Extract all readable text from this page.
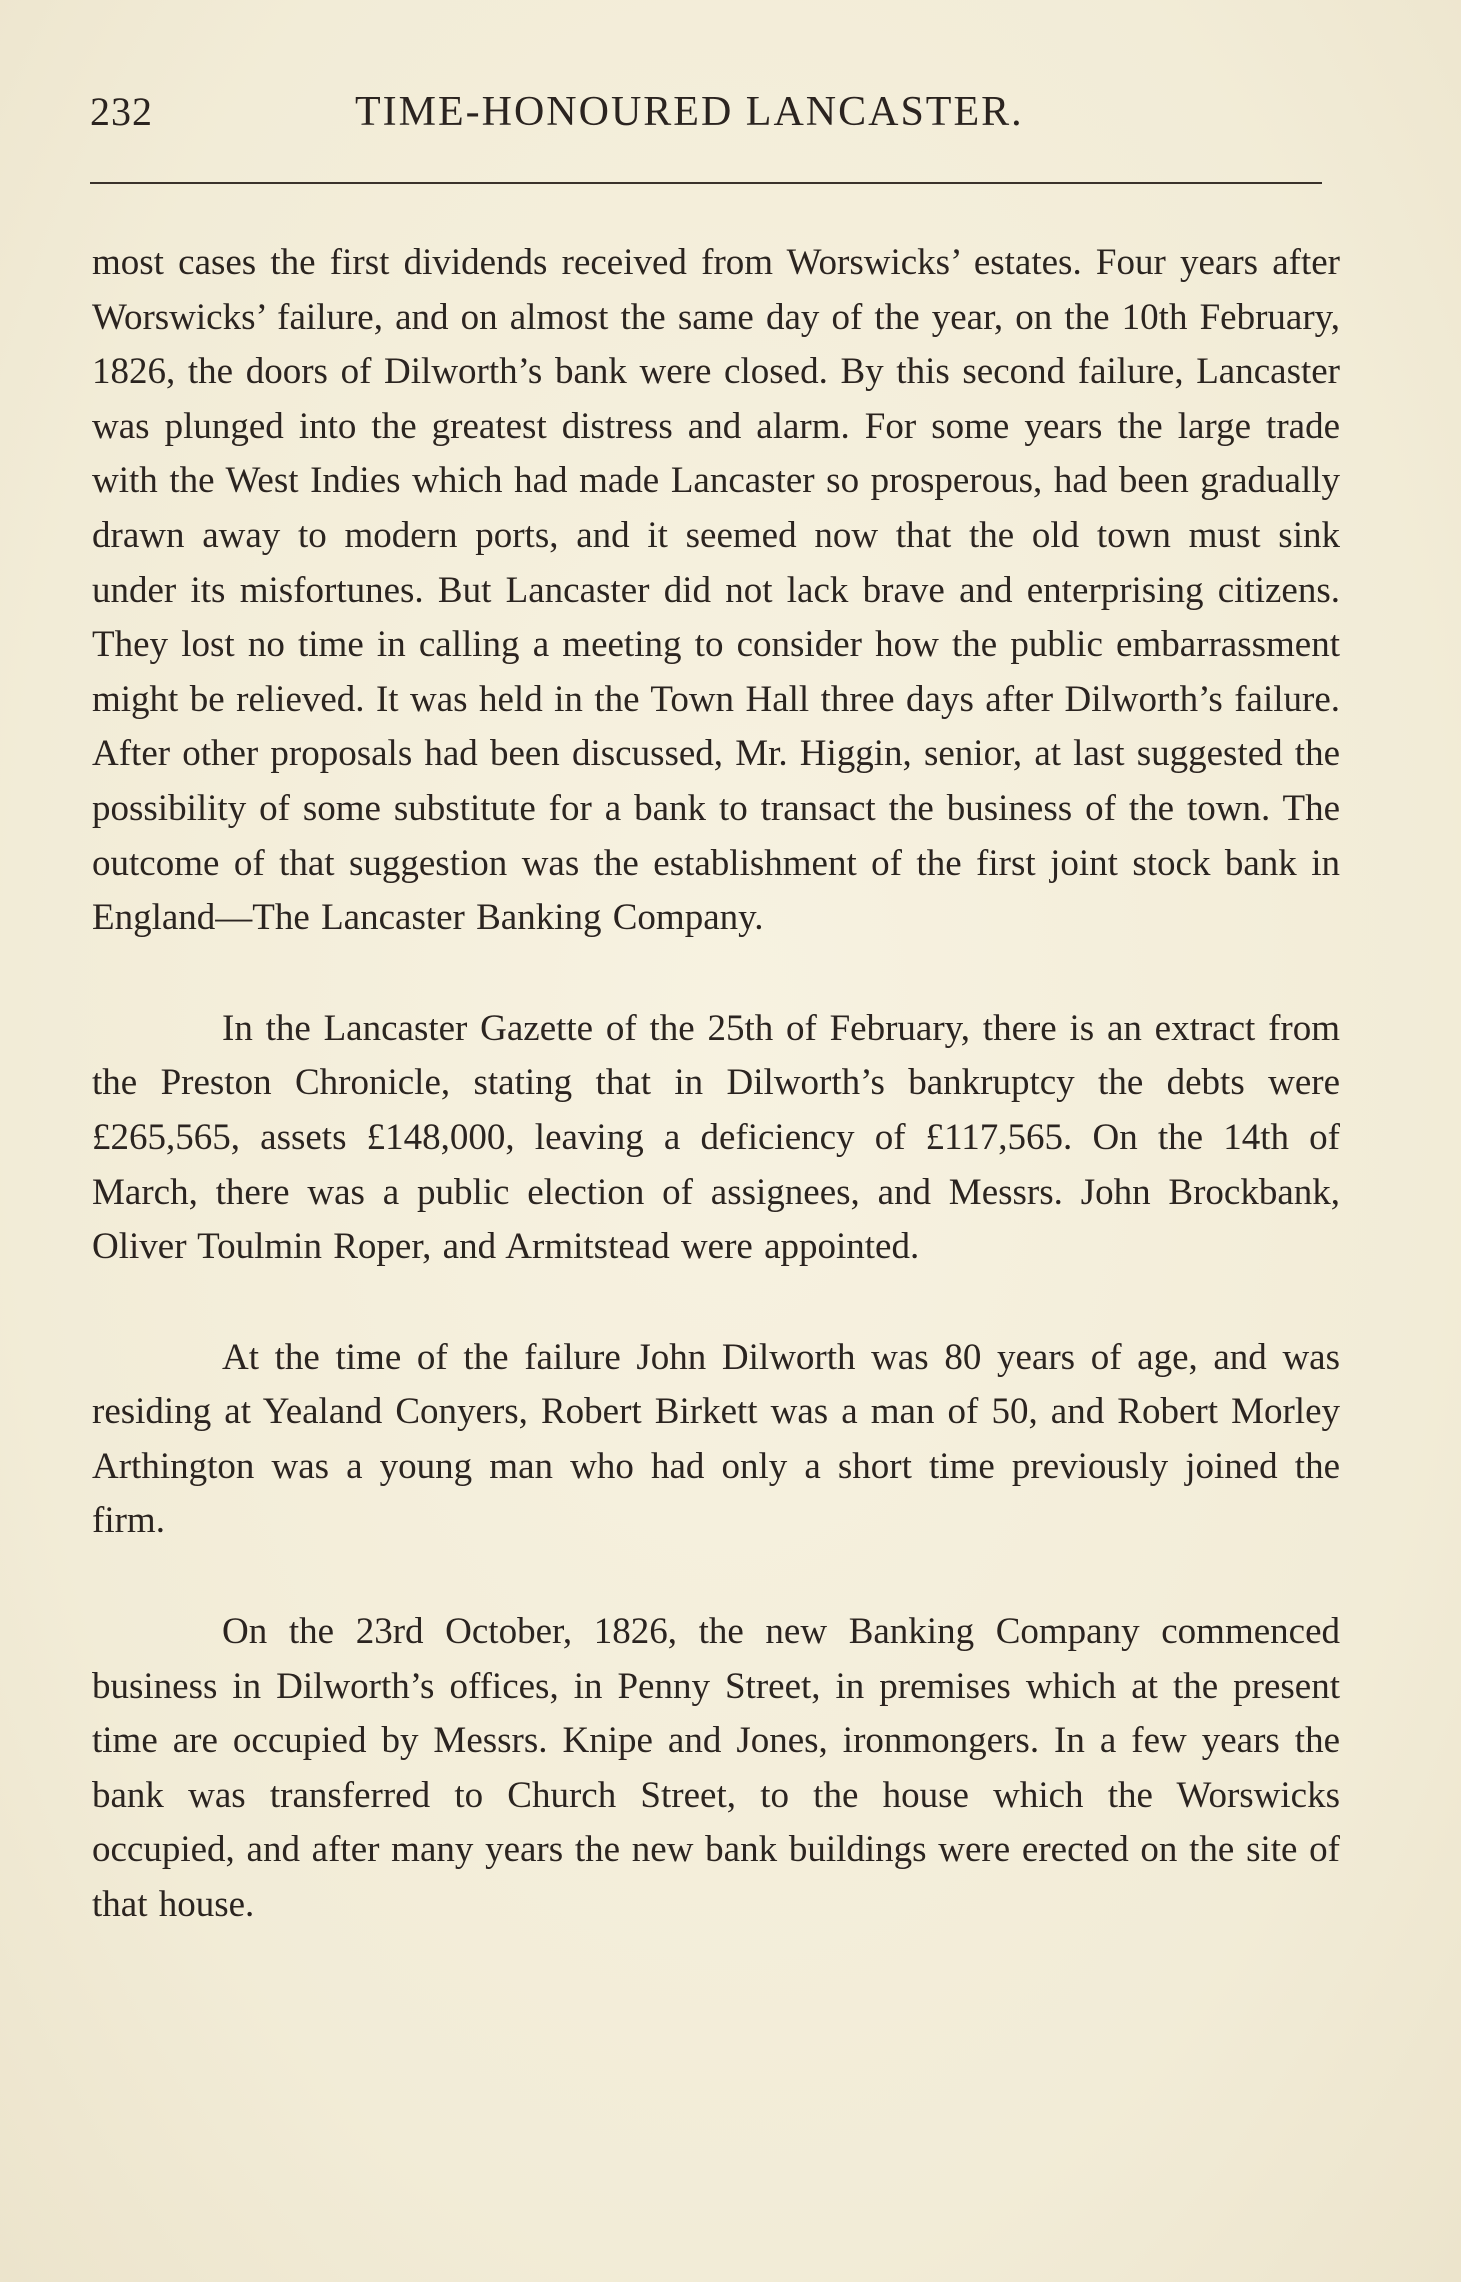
232	TIME-HONOURED LANCASTER.

most cases the first dividends received from Worswicks’ estates. Four years after Worswicks’ failure, and on almost the same day of the year, on the 10th February, 1826, the doors of Dilworth’s bank were closed. By this second failure, Lancaster was plunged into the greatest distress and alarm. For some years the large trade with the West Indies which had made Lancaster so prosperous, had been gradually drawn away to modern ports, and it seemed now that the old town must sink under its misfortunes. But Lancaster did not lack brave and enterprising citizens. They lost no time in calling a meeting to consider how the public embarrassment might be relieved. It was held in the Town Hall three days after Dilworth’s failure. After other proposals had been discussed, Mr. Higgin, senior, at last suggested the possibility of some substitute for a bank to transact the business of the town. The outcome of that suggestion was the establishment of the first joint stock bank in England—The Lancaster Banking Company.

In the Lancaster Gazette of the 25th of February, there is an extract from the Preston Chronicle, stating that in Dilworth’s bankruptcy the debts were £265,565, assets £148,000, leaving a deficiency of £117,565. On the 14th of March, there was a public election of assignees, and Messrs. John Brockbank, Oliver Toulmin Roper, and Armitstead were appointed.

At the time of the failure John Dilworth was 80 years of age, and was residing at Yealand Conyers, Robert Birkett was a man of 50, and Robert Morley Arthington was a young man who had only a short time previously joined the firm.

On the 23rd October, 1826, the new Banking Company commenced business in Dilworth’s offices, in Penny Street, in premises which at the present time are occupied by Messrs. Knipe and Jones, ironmongers. In a few years the bank was transferred to Church Street, to the house which the Worswicks occupied, and after many years the new bank buildings were erected on the site of that house.
